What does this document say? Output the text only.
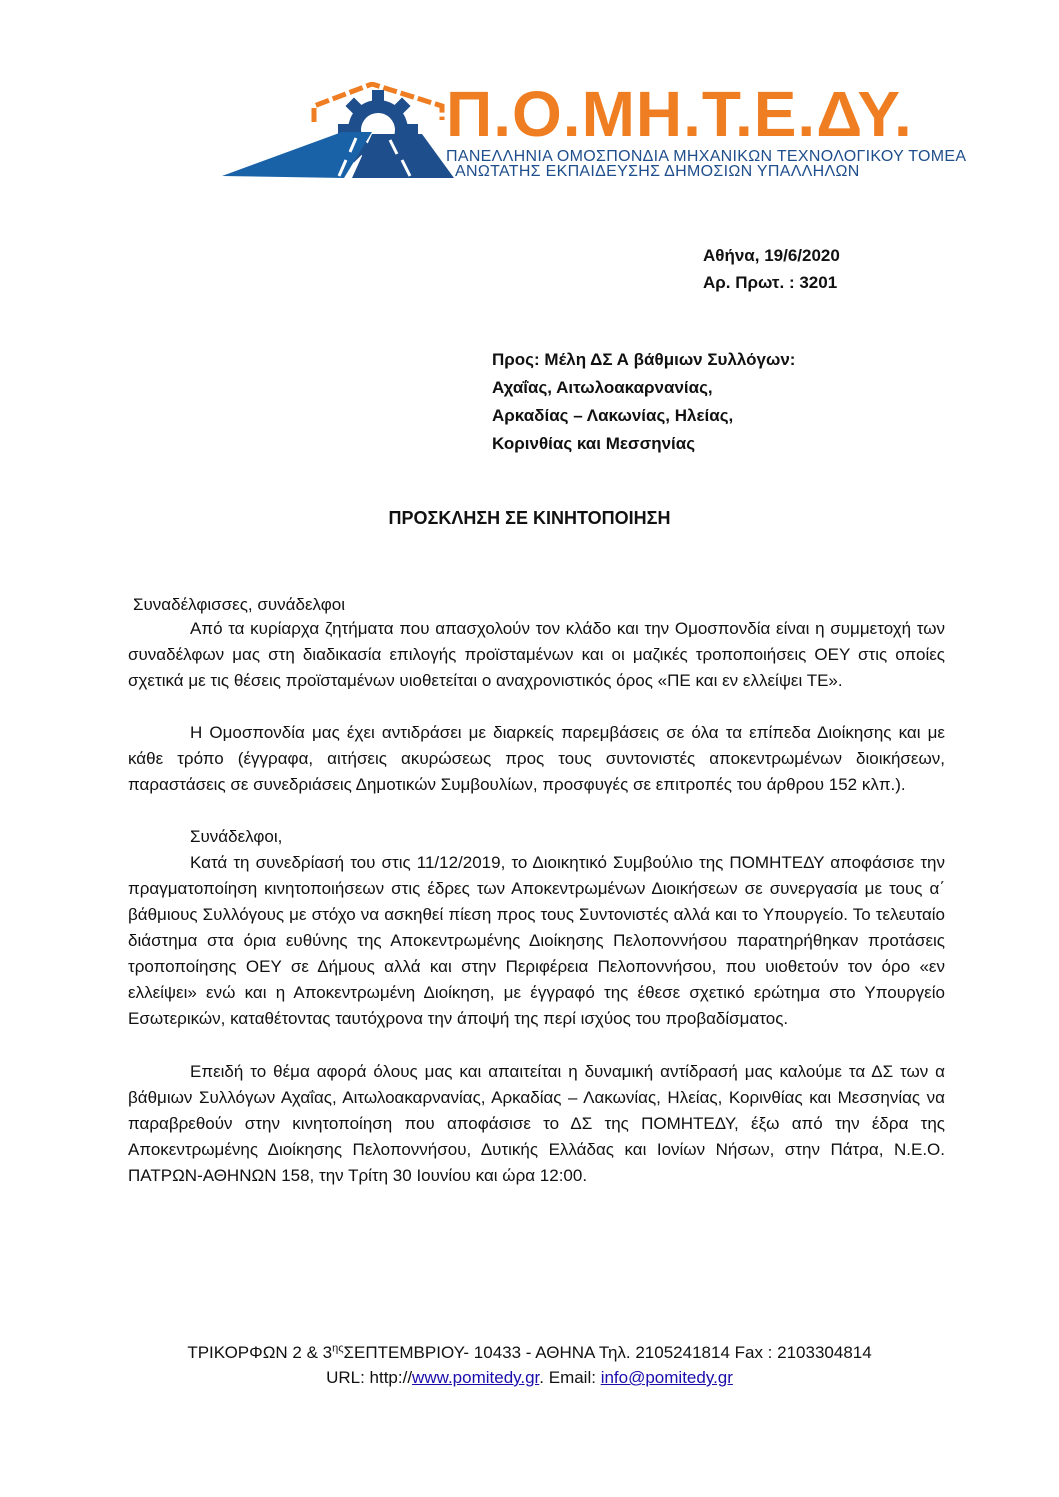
Π.Ο.ΜΗ.Τ.Ε.ΔΥ.
ΠΑΝΕΛΛΗΝΙΑ ΟΜΟΣΠΟΝΔΙΑ ΜΗΧΑΝΙΚΩΝ ΤΕΧΝΟΛΟΓΙΚΟΥ ΤΟΜΕΑ
ΑΝΩΤΑΤΗΣ ΕΚΠΑΙΔΕΥΣΗΣ ΔΗΜΟΣΙΩΝ ΥΠΑΛΛΗΛΩΝ
Αθήνα, 19/6/2020
Αρ. Πρωτ. : 3201
Προς: Μέλη ΔΣ Α βάθμιων Συλλόγων:
Αχαΐας, Αιτωλοακαρνανίας,
Αρκαδίας – Λακωνίας, Ηλείας,
Κορινθίας και Μεσσηνίας
ΠΡΟΣΚΛΗΣΗ ΣΕ ΚΙΝΗΤΟΠΟΙΗΣΗ
Συναδέλφισσες, συνάδελφοι

Από τα κυρίαρχα ζητήματα που απασχολούν τον κλάδο και την Ομοσπονδία είναι η συμμετοχή των συναδέλφων μας στη διαδικασία επιλογής προϊσταμένων και οι μαζικές τροποποιήσεις ΟΕΥ στις οποίες σχετικά με τις θέσεις προϊσταμένων υιοθετείται ο αναχρονιστικός όρος «ΠΕ και εν ελλείψει ΤΕ».

Η Ομοσπονδία μας έχει αντιδράσει με διαρκείς παρεμβάσεις σε όλα τα επίπεδα Διοίκησης και με κάθε τρόπο (έγγραφα, αιτήσεις ακυρώσεως προς τους συντονιστές αποκεντρωμένων διοικήσεων, παραστάσεις σε συνεδριάσεις Δημοτικών Συμβουλίων, προσφυγές σε επιτροπές του άρθρου 152 κλπ.).

Συνάδελφοι,

Κατά τη συνεδρίασή του στις 11/12/2019, το Διοικητικό Συμβούλιο της ΠΟΜΗΤΕΔΥ αποφάσισε την πραγματοποίηση κινητοποιήσεων στις έδρες των Αποκεντρωμένων Διοικήσεων σε συνεργασία με τους α΄ βάθμιους Συλλόγους με στόχο να ασκηθεί πίεση προς τους Συντονιστές αλλά και το Υπουργείο. Το τελευταίο διάστημα στα όρια ευθύνης της Αποκεντρωμένης Διοίκησης Πελοποννήσου παρατηρήθηκαν προτάσεις τροποποίησης ΟΕΥ σε Δήμους αλλά και στην Περιφέρεια Πελοποννήσου, που υιοθετούν τον όρο «εν ελλείψει» ενώ και η Αποκεντρωμένη Διοίκηση, με έγγραφό της έθεσε σχετικό ερώτημα στο Υπουργείο Εσωτερικών, καταθέτοντας ταυτόχρονα την άποψή της περί ισχύος του προβαδίσματος.

Επειδή το θέμα αφορά όλους μας και απαιτείται η δυναμική αντίδρασή μας καλούμε τα ΔΣ των α βάθμιων Συλλόγων Αχαΐας, Αιτωλοακαρνανίας, Αρκαδίας – Λακωνίας, Ηλείας, Κορινθίας και Μεσσηνίας να παραβρεθούν στην κινητοποίηση που αποφάσισε το ΔΣ της ΠΟΜΗΤΕΔΥ, έξω από την έδρα της Αποκεντρωμένης Διοίκησης Πελοποννήσου, Δυτικής Ελλάδας και Ιονίων Νήσων, στην Πάτρα, Ν.Ε.Ο. ΠΑΤΡΩΝ-ΑΘΗΝΩΝ 158, την Τρίτη 30 Ιουνίου και ώρα 12:00.

ΤΡΙΚΟΡΦΩΝ 2 & $3^{\eta\varsigma}\Sigma E\Pi TEMBPIO\Upsilon-$ 10433 - ΑΘΗΝΑ Τηλ. 2105241814 Fax : 2103304814
URL: http://www.pomitedy.gr. Email: info@pomitedy.gr
